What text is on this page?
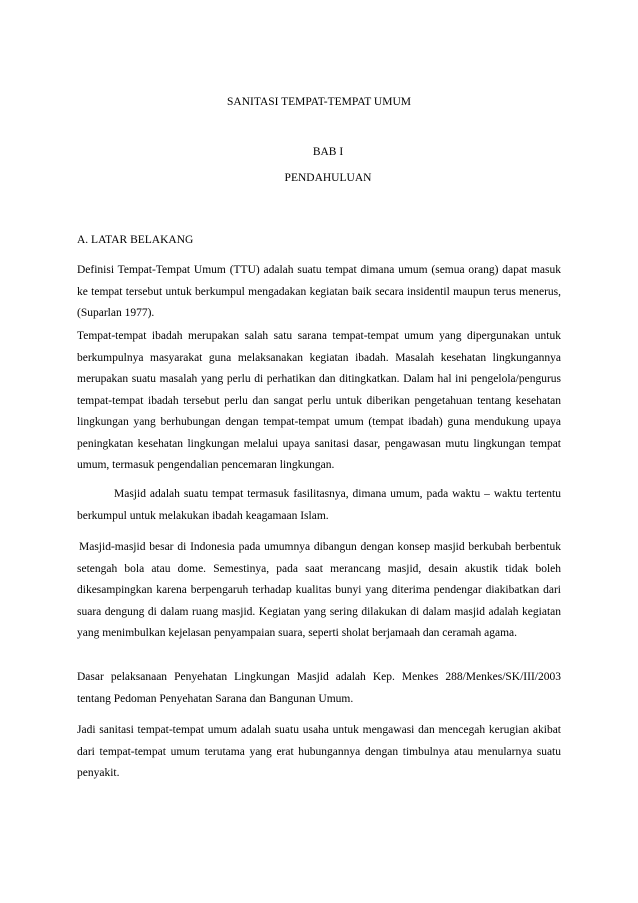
SANITASI TEMPAT-TEMPAT UMUM

BAB I

PENDAHULUAN

A. LATAR BELAKANG

Definisi Tempat-Tempat Umum (TTU) adalah suatu tempat dimana umum (semua orang) dapat masuk ke tempat tersebut untuk berkumpul mengadakan kegiatan baik secara insidentil maupun terus menerus, (Suparlan 1977).

Tempat-tempat ibadah merupakan salah satu sarana tempat-tempat umum yang dipergunakan untuk berkumpulnya masyarakat guna melaksanakan kegiatan ibadah. Masalah kesehatan lingkungannya merupakan suatu masalah yang perlu di perhatikan dan ditingkatkan. Dalam hal ini pengelola/pengurus tempat-tempat ibadah tersebut perlu dan sangat perlu untuk diberikan pengetahuan tentang kesehatan lingkungan yang berhubungan dengan tempat-tempat umum (tempat ibadah) guna mendukung upaya peningkatan kesehatan lingkungan melalui upaya sanitasi dasar, pengawasan mutu lingkungan tempat umum, termasuk pengendalian pencemaran lingkungan.

Masjid adalah suatu tempat termasuk fasilitasnya, dimana umum, pada waktu – waktu tertentu berkumpul untuk melakukan ibadah keagamaan Islam.

Masjid-masjid besar di Indonesia pada umumnya dibangun dengan konsep masjid berkubah berbentuk setengah bola atau dome. Semestinya, pada saat merancang masjid, desain akustik tidak boleh dikesampingkan karena berpengaruh terhadap kualitas bunyi yang diterima pendengar diakibatkan dari suara dengung di dalam ruang masjid. Kegiatan yang sering dilakukan di dalam masjid adalah kegiatan yang menimbulkan kejelasan penyampaian suara, seperti sholat berjamaah dan ceramah agama.

Dasar pelaksanaan Penyehatan Lingkungan Masjid adalah Kep. Menkes 288/Menkes/SK/III/2003 tentang Pedoman Penyehatan Sarana dan Bangunan Umum.

Jadi sanitasi tempat-tempat umum adalah suatu usaha untuk mengawasi dan mencegah kerugian akibat dari tempat-tempat umum terutama yang erat hubungannya dengan timbulnya atau menularnya suatu penyakit.
